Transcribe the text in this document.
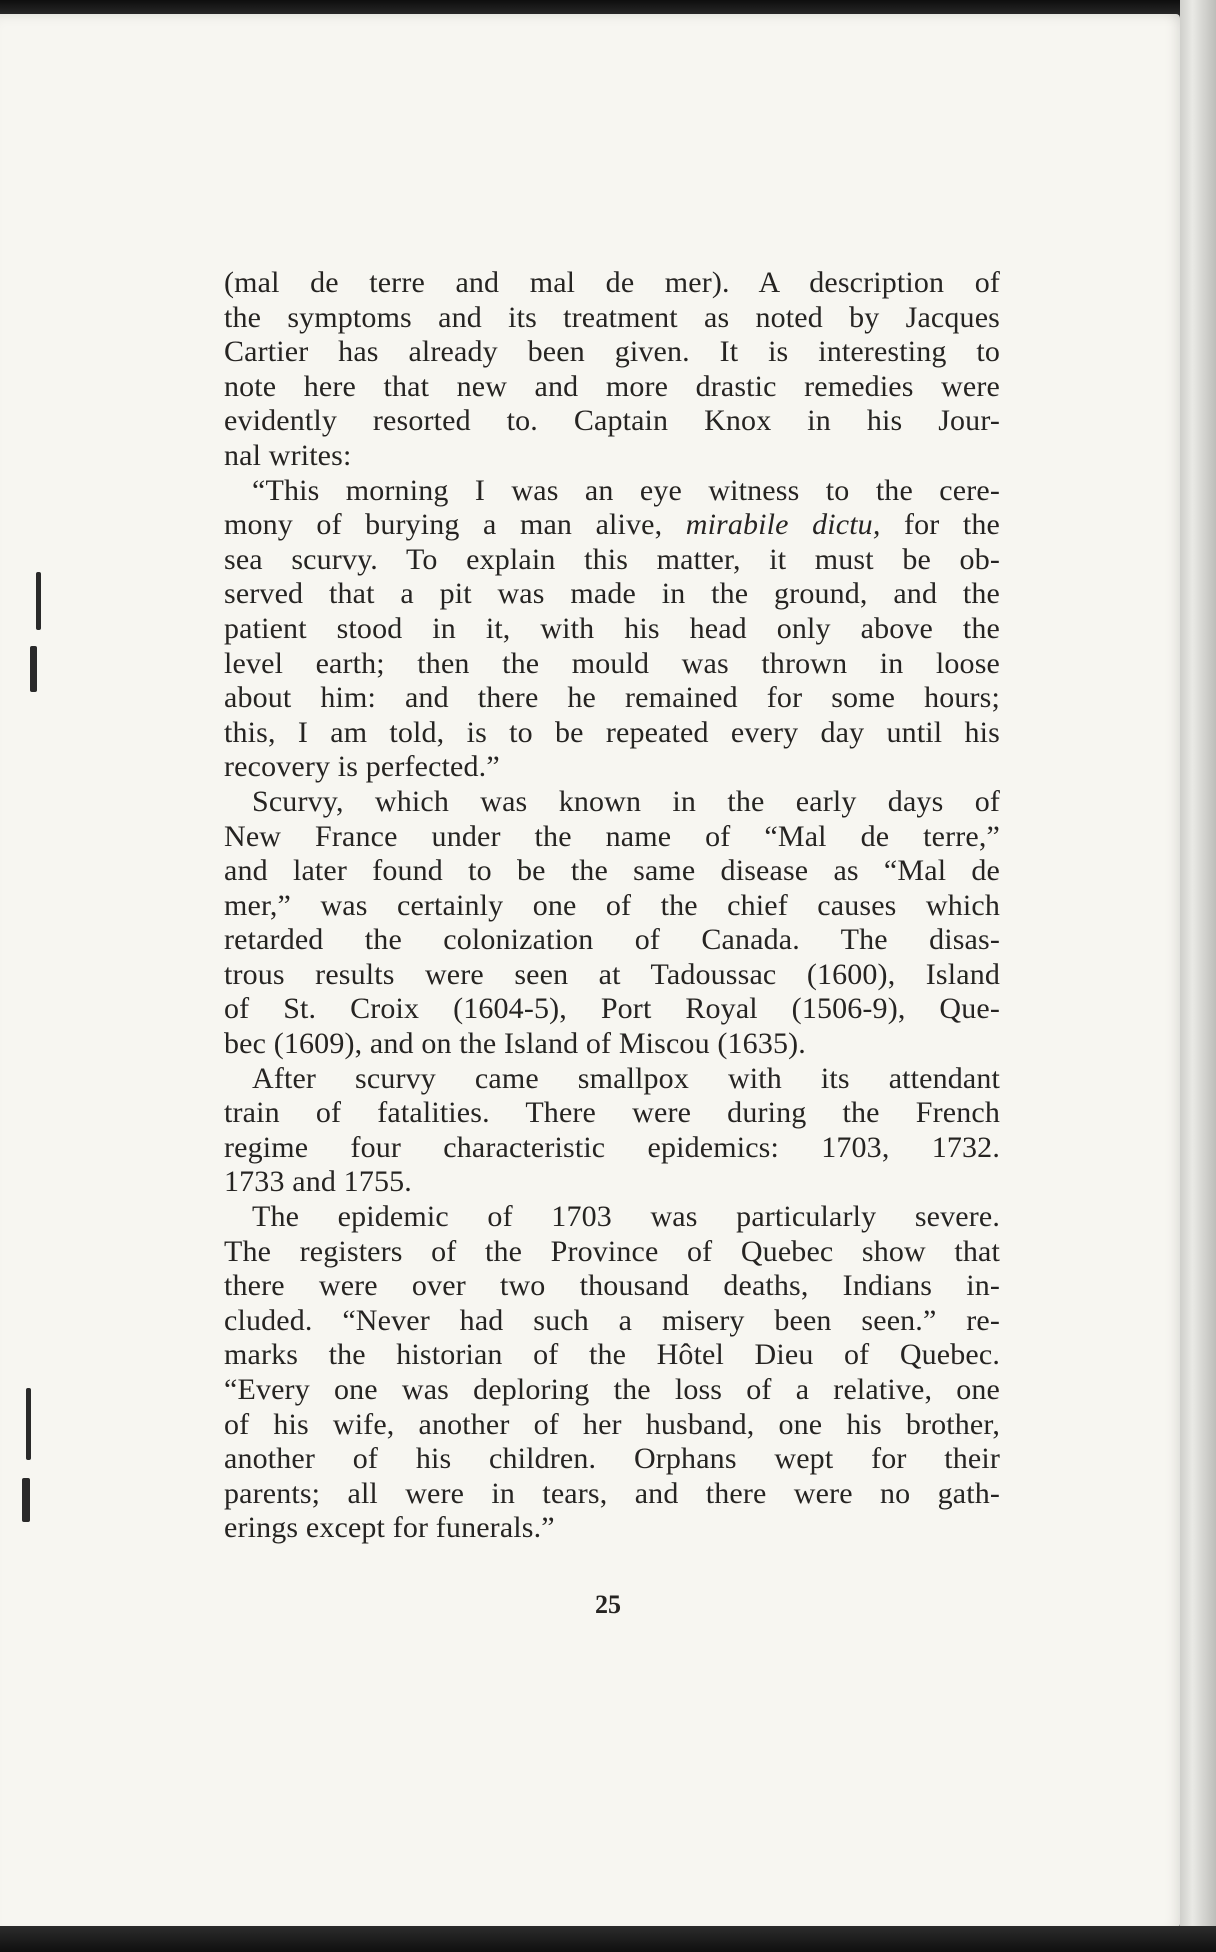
(mal de terre and mal de mer). A description of
the symptoms and its treatment as noted by Jacques
Cartier has already been given. It is interesting to
note here that new and more drastic remedies were
evidently resorted to. Captain Knox in his Jour-
nal writes:
“This morning I was an eye witness to the cere-
mony of burying a man alive, mirabile dictu, for the
sea scurvy. To explain this matter, it must be ob-
served that a pit was made in the ground, and the
patient stood in it, with his head only above the
level earth; then the mould was thrown in loose
about him: and there he remained for some hours;
this, I am told, is to be repeated every day until his
recovery is perfected.”
Scurvy, which was known in the early days of
New France under the name of “Mal de terre,”
and later found to be the same disease as “Mal de
mer,” was certainly one of the chief causes which
retarded the colonization of Canada. The disas-
trous results were seen at Tadoussac (1600), Island
of St. Croix (1604-5), Port Royal (1506-9), Que-
bec (1609), and on the Island of Miscou (1635).
After scurvy came smallpox with its attendant
train of fatalities. There were during the French
regime four characteristic epidemics: 1703, 1732.
1733 and 1755.
The epidemic of 1703 was particularly severe.
The registers of the Province of Quebec show that
there were over two thousand deaths, Indians in-
cluded. “Never had such a misery been seen.” re-
marks the historian of the Hôtel Dieu of Quebec.
“Every one was deploring the loss of a relative, one
of his wife, another of her husband, one his brother,
another of his children. Orphans wept for their
parents; all were in tears, and there were no gath-
erings except for funerals.”
25
